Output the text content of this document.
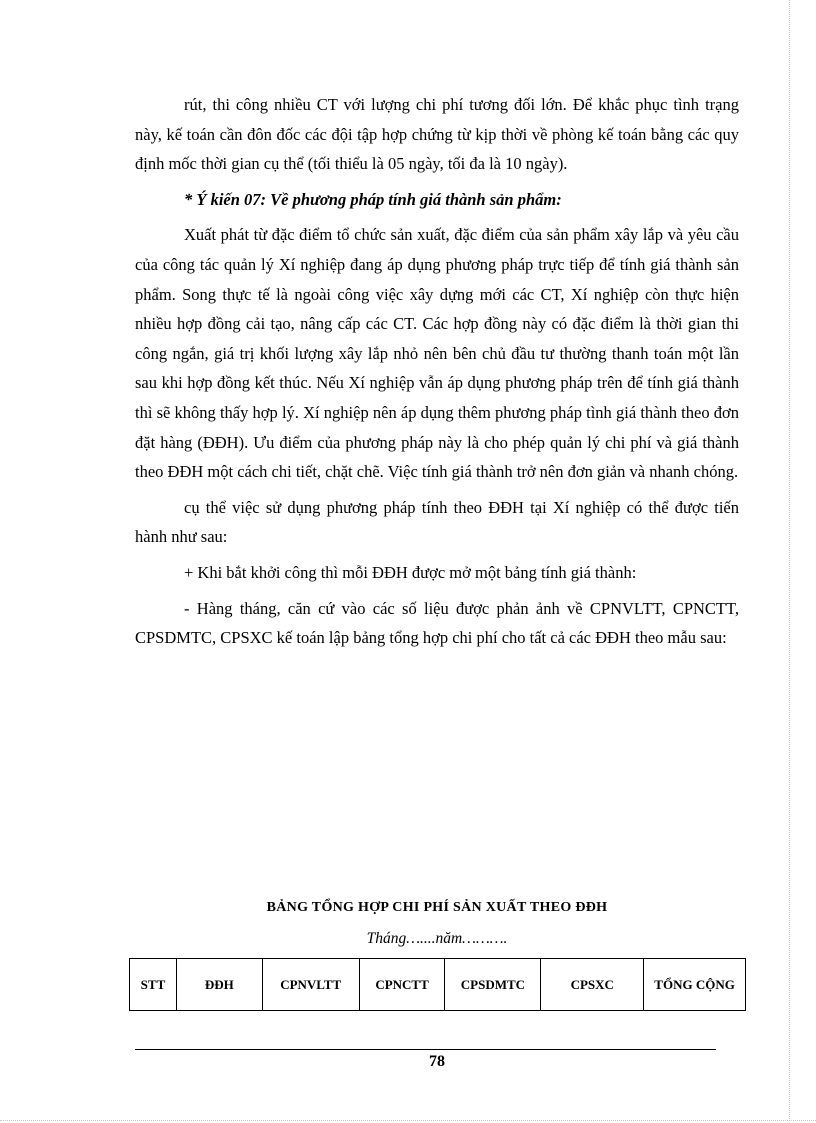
rút, thi công nhiều CT với lượng chi phí tương đối lớn. Để khắc phục tình trạng này, kế toán cần đôn đốc các đội tập hợp chứng từ kịp thời về phòng kế toán bằng các quy định mốc thời gian cụ thể (tối thiểu là 05 ngày, tối đa là 10 ngày).

* Ý kiến 07: Về phương pháp tính giá thành sản phẩm:

Xuất phát từ đặc điểm tổ chức sản xuất, đặc điểm của sản phẩm xây lắp và yêu cầu của công tác quản lý Xí nghiệp đang áp dụng phương pháp trực tiếp để tính giá thành sản phẩm. Song thực tế là ngoài công việc xây dựng mới các CT, Xí nghiệp còn thực hiện nhiều hợp đồng cải tạo, nâng cấp các CT. Các hợp đồng này có đặc điểm là thời gian thi công ngắn, giá trị khối lượng xây lắp nhỏ nên bên chủ đầu tư thường thanh toán một lần sau khi hợp đồng kết thúc. Nếu Xí nghiệp vẫn áp dụng phương pháp trên để tính giá thành thì sẽ không thấy hợp lý. Xí nghiệp nên áp dụng thêm phương pháp tình giá thành theo đơn đặt hàng (ĐĐH). Ưu điểm của phương pháp này là cho phép quản lý chi phí và giá thành theo ĐĐH một cách chi tiết, chặt chẽ. Việc tính giá thành trở nên đơn giản và nhanh chóng.

cụ thể việc sử dụng phương pháp tính theo ĐĐH tại Xí nghiệp có thể được tiến hành như sau:

+ Khi bắt khởi công thì mỗi ĐĐH được mở một bảng tính giá thành:

- Hàng tháng, căn cứ vào các số liệu được phản ảnh về CPNVLTT, CPNCTT, CPSDMTC, CPSXC kế toán lập bảng tổng hợp chi phí cho tất cả các ĐĐH theo mẫu sau:

BẢNG TỔNG HỢP CHI PHÍ SẢN XUẤT THEO ĐĐH
Tháng…....năm……….
STT	ĐĐH	CPNVLTT	CPNCTT	CPSDMTC	CPSXC	TỔNG CỘNG
78
